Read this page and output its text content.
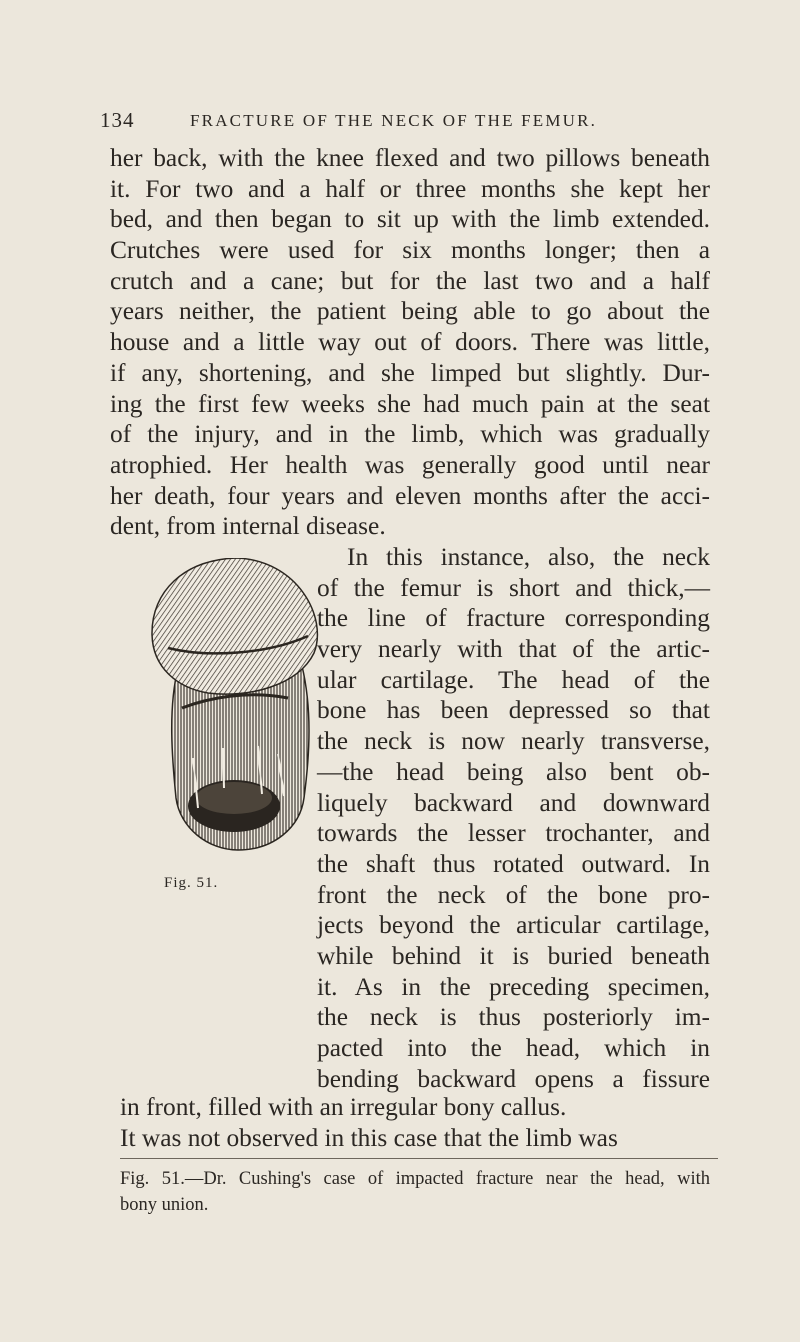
134	FRACTURE OF THE NECK OF THE FEMUR.
her back, with the knee flexed and two pillows beneath
it. For two and a half or three months she kept her
bed, and then began to sit up with the limb extended.
Crutches were used for six months longer; then a
crutch and a cane; but for the last two and a half
years neither, the patient being able to go about the
house and a little way out of doors. There was little,
if any, shortening, and she limped but slightly. Dur-
ing the first few weeks she had much pain at the seat
of the injury, and in the limb, which was gradually
atrophied. Her health was generally good until near
her death, four years and eleven months after the acci-
dent, from internal disease.
In this instance, also, the neck
of the femur is short and thick,—
the line of fracture corresponding
very nearly with that of the artic-
ular cartilage. The head of the
bone has been depressed so that
the neck is now nearly transverse,
—the head being also bent ob-
liquely backward and downward
towards the lesser trochanter, and
the shaft thus rotated outward. In
front the neck of the bone pro-
jects beyond the articular cartilage,
while behind it is buried beneath
it. As in the preceding specimen,
the neck is thus posteriorly im-
pacted into the head, which in
bending backward opens a fissure
Fig. 51.
in front, filled with an irregular bony callus.
It was not observed in this case that the limb was
Fig. 51.—Dr. Cushing's case of impacted fracture near the head, with
bony union.
